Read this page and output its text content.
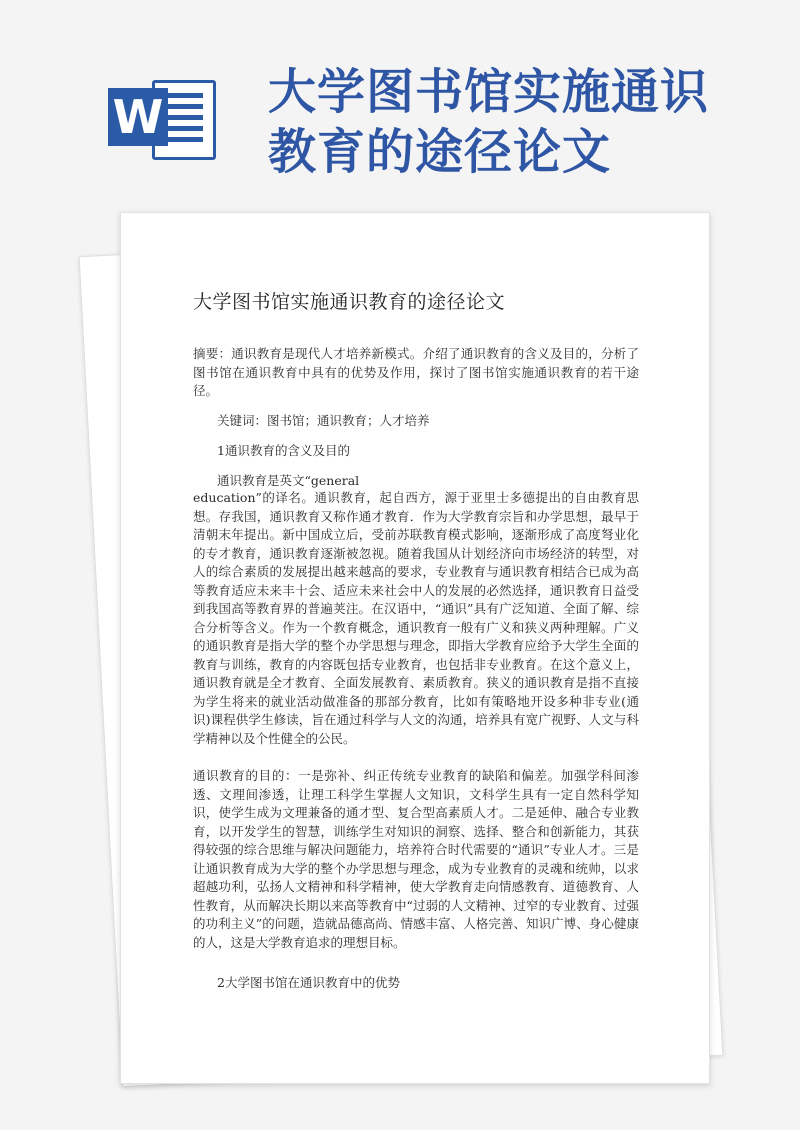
W 大学图书馆实施通识教育的途径论文
大学图书馆实施通识教育的途径论文

摘要：通识教育是现代人才培养新模式。介绍了通识教育的含义及目的，分析了图书馆在通识教育中具有的优势及作用，探讨了图书馆实施通识教育的若干途径。

关键词：图书馆；通识教育；人才培养

1通识教育的含义及目的

通识教育是英文“general

education”的译名。通识教育，起自西方，源于亚里士多德提出的自由教育思想。存我国，通识教育又称作通才教育．作为大学教育宗旨和办学思想，最早于清朝末年提出。新中国成立后，受前苏联教育模式影响，逐渐形成了高度弩业化的专才教育，通识教育逐渐被忽视。随着我国从计划经济向市场经济的转型，对人的综合素质的发展提出越来越高的要求，专业教育与通识教育相结合已成为高等教育适应未来丰十会、适应未来社会中人的发展的必然选择，通识教育日益受到我国高等教育界的普遍荚注。在汉语中，“通识”具有广泛知道、全面了解、综合分析等含义。作为一个教育概念，通识教育一般有广义和狭义两种理解。广义的通识教育是指大学的整个办学思想与理念，即指大学教育应给予大学生全面的教育与训练，教育的内容既包括专业教育，也包括非专业教育。在这个意义上，通识教育就是全才教育、全面发展教育、素质教育。狭义的通识教育是指不直接为学生将来的就业活动做准备的那部分教育，比如有策略地开设多种非专业(通识)课程供学生修读，旨在通过科学与人文的沟通，培养具有宽广视野、人文与科学精神以及个性健全的公民。

通识教育的目的：一是弥补、纠正传统专业教育的缺陷和偏差。加强学科间渗透、文理间渗透，让理工科学生掌握人文知识，文科学生具有一定自然科学知识，使学生成为文理兼备的通才型、复合型高素质人才。二是延伸、融合专业教育，以开发学生的智慧，训练学生对知识的洞察、选择、整合和创新能力，其获得较强的综合思维与解决问题能力，培养符合时代需要的“通识”专业人才。三是让通识教育成为大学的整个办学思想与理念，成为专业教育的灵魂和统帅，以求超越功利，弘扬人文精神和科学精神，使大学教育走向情感教育、道德教育、人性教育，从而解决长期以来高等教育中“过弱的人文精神、过窄的专业教育、过强的功利主义”的问题，造就品德高尚、情感丰富、人格完善、知识广博、身心健康的人，这是大学教育追求的理想目标。

2大学图书馆在通识教育中的优势
